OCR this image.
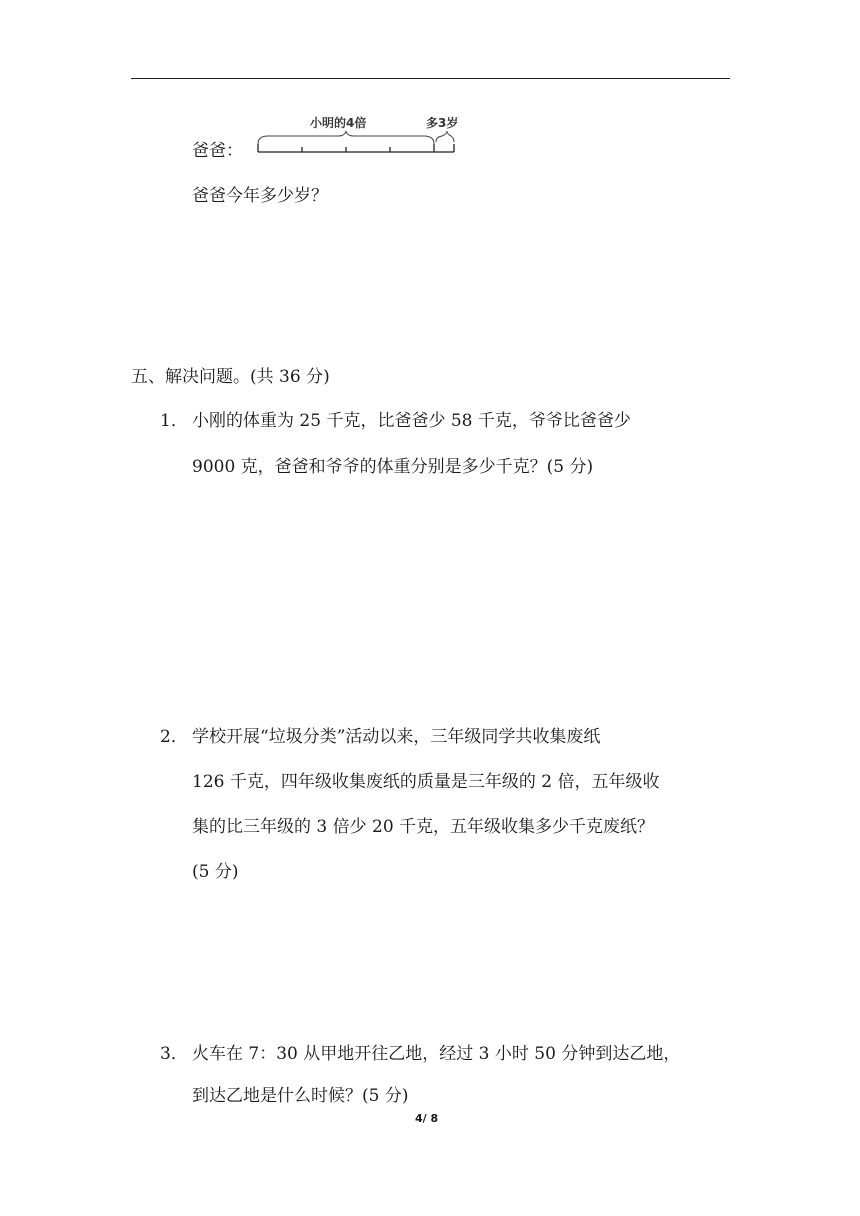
爸爸：
小明的4倍	多3岁
爸爸今年多少岁？
五、解决问题。(共 36 分)
1． 小刚的体重为 25 千克，比爸爸少 58 千克，爷爷比爸爸少
9000 克，爸爸和爷爷的体重分别是多少千克？(5 分)
2． 学校开展“垃圾分类”活动以来，三年级同学共收集废纸
126 千克，四年级收集废纸的质量是三年级的 2 倍，五年级收
集的比三年级的 3 倍少 20 千克，五年级收集多少千克废纸？
(5 分)
3． 火车在 7：30 从甲地开往乙地，经过 3 小时 50 分钟到达乙地，
到达乙地是什么时候？(5 分)
4/ 8
